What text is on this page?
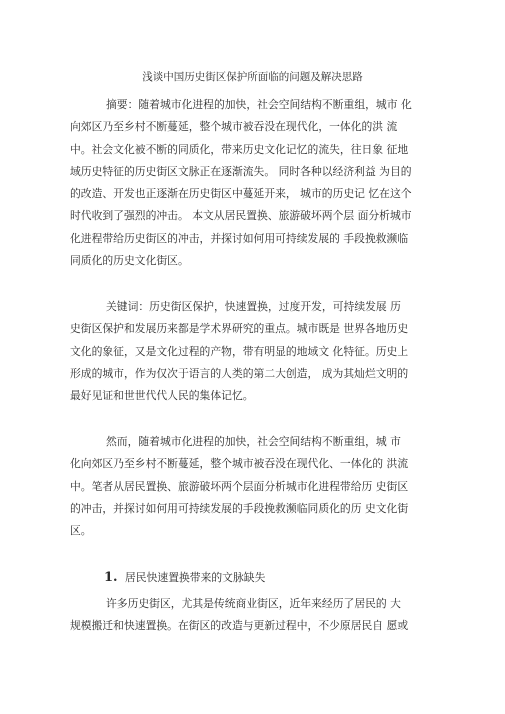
浅谈中国历史街区保护所面临的问题及解决思路
摘要：随着城市化进程的加快，社会空间结构不断重组，城市 化
向郊区乃至乡村不断蔓延，整个城市被吞没在现代化，一体化的洪 流
中。社会文化被不断的同质化，带来历史文化记忆的流失，往日象 征地
域历史特征的历史街区文脉正在逐渐流失。 同时各种以经济利益 为目的
的改造、开发也正逐渐在历史街区中蔓延开来， 城市的历史记 忆在这个
时代收到了强烈的冲击。 本文从居民置换、旅游破坏两个层 面分析城市
化进程带给历史街区的冲击，并探讨如何用可持续发展的 手段挽救濒临
同质化的历史文化街区。
关键词：历史街区保护，快速置换，过度开发，可持续发展 历
史街区保护和发展历来都是学术界研究的重点。城市既是 世界各地历史
文化的象征，又是文化过程的产物，带有明显的地域文 化特征。历史上
形成的城市，作为仅次于语言的人类的第二大创造， 成为其灿烂文明的
最好见证和世世代代人民的集体记忆。
然而，随着城市化进程的加快，社会空间结构不断重组，城 市
化向郊区乃至乡村不断蔓延，整个城市被吞没在现代化、一体化的 洪流
中。笔者从居民置换、旅游破坏两个层面分析城市化进程带给历 史街区
的冲击，并探讨如何用可持续发展的手段挽救濒临同质化的历 史文化街
区。
1. 居民快速置换带来的文脉缺失
许多历史街区，尤其是传统商业街区，近年来经历了居民的 大
规模搬迁和快速置换。在街区的改造与更新过程中，不少原居民自 愿或
